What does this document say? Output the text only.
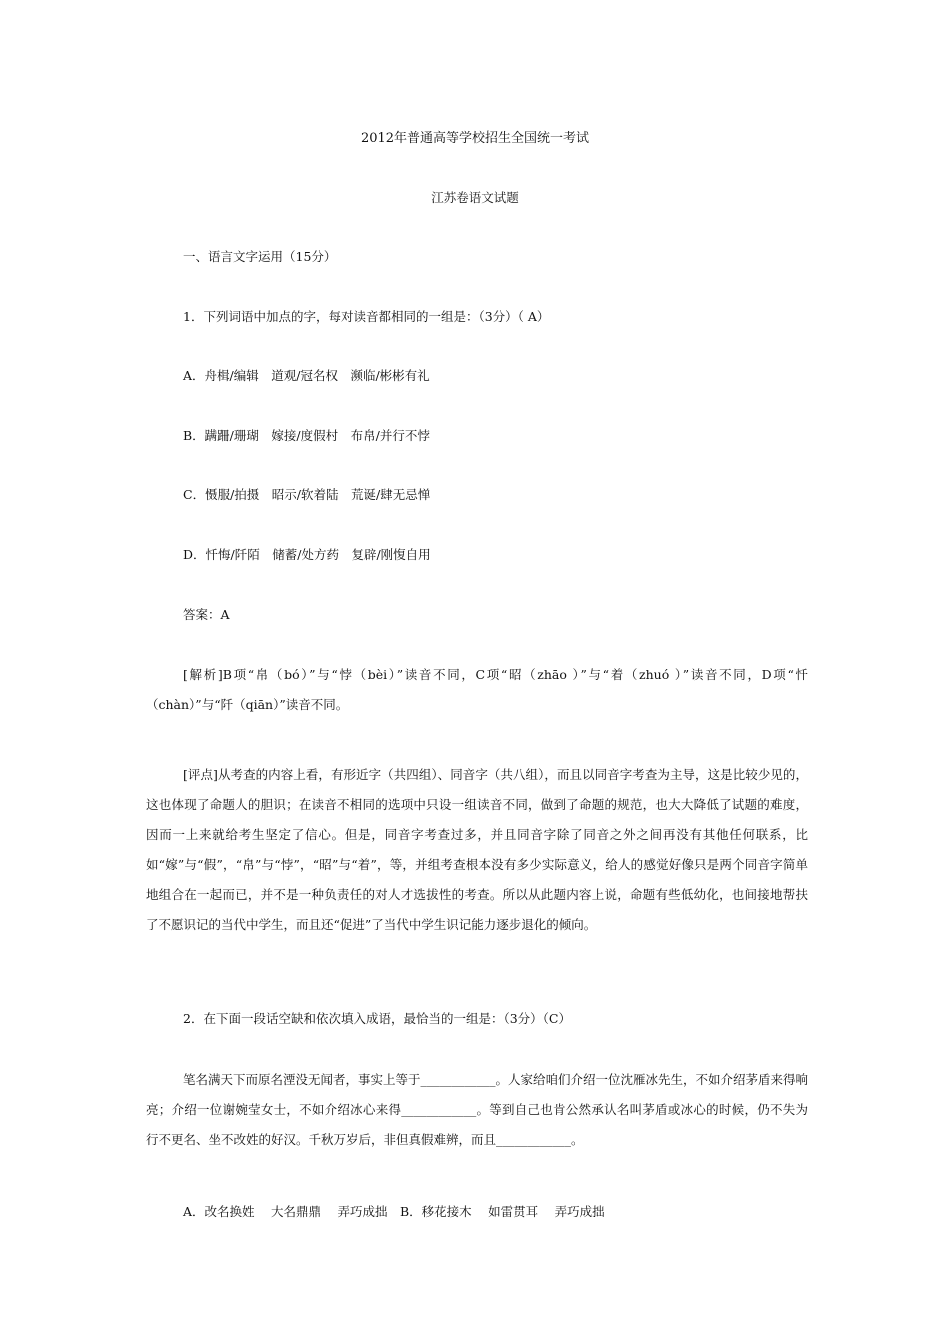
2012年普通高等学校招生全国统一考试
江苏卷语文试题
一、语言文字运用（15分）
1．下列词语中加点的字，每对读音都相同的一组是：（3分）（ A）
A．舟楫/编辑　道观/冠名权　濒临/彬彬有礼
B．蹒跚/珊瑚　嫁接/度假村　布帛/并行不悖
C．慑服/拍摄　昭示/软着陆　荒诞/肆无忌惮
D．忏悔/阡陌　储蓄/处方药　复辟/刚愎自用
答案：A
[解析]B项“帛（bó）”与“悖（bèi）”读音不同，C项“昭（zhāo ）”与“着（zhuó ）”读音不同，D项“忏（chàn）”与“阡（qiān）”读音不同。
[评点]从考查的内容上看，有形近字（共四组）、同音字（共八组），而且以同音字考查为主导，这是比较少见的，这也体现了命题人的胆识；在读音不相同的选项中只设一组读音不同，做到了命题的规范，也大大降低了试题的难度，因而一上来就给考生坚定了信心。但是，同音字考查过多，并且同音字除了同音之外之间再没有其他任何联系，比如“嫁”与“假”，“帛”与“悖”，“昭”与“着”，等，并组考查根本没有多少实际意义，给人的感觉好像只是两个同音字简单地组合在一起而已，并不是一种负责任的对人才选拔性的考查。所以从此题内容上说，命题有些低幼化，也间接地帮扶了不愿识记的当代中学生，而且还“促进”了当代中学生识记能力逐步退化的倾向。
2．在下面一段话空缺和依次填入成语，最恰当的一组是：（3分）（C）
笔名满天下而原名湮没无闻者，事实上等于____________。人家给咱们介绍一位沈雁冰先生，不如介绍茅盾来得响亮；介绍一位谢婉莹女士，不如介绍冰心来得____________。等到自己也肯公然承认名叫茅盾或冰心的时候，仍不失为行不更名、坐不改姓的好汉。千秋万岁后，非但真假难辨，而且____________。
A．改名换姓　 大名鼎鼎　 弄巧成拙　B．移花接木　 如雷贯耳　 弄巧成拙
